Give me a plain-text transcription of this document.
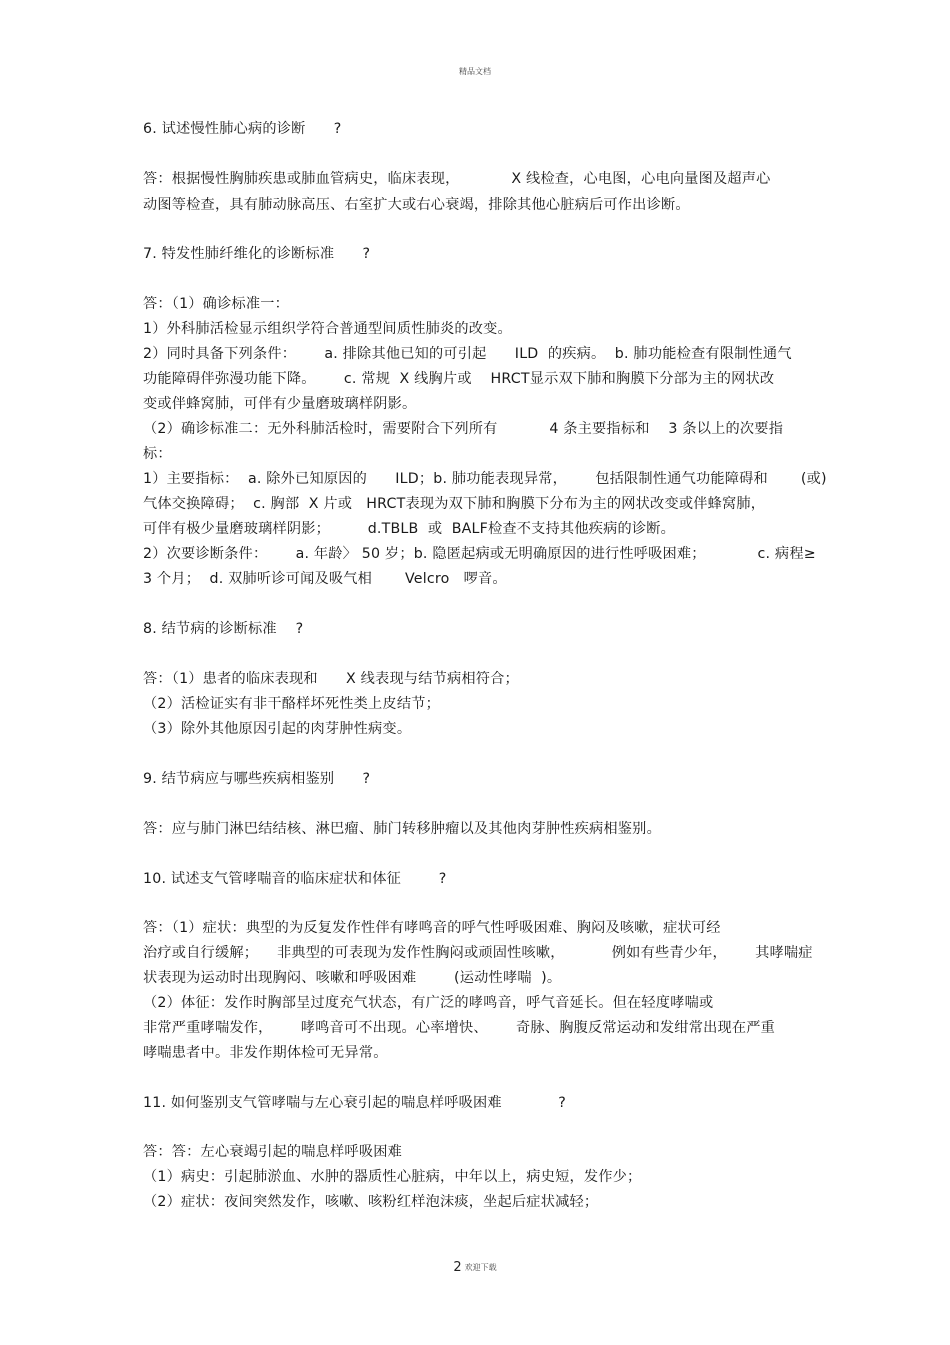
精品文档
6. 试述慢性肺心病的诊断      ?
答：根据慢性胸肺疾患或肺血管病史，临床表现，           X 线检查，心电图，心电向量图及超声心
动图等检查，具有肺动脉高压、右室扩大或右心衰竭，排除其他心脏病后可作出诊断。
7. 特发性肺纤维化的诊断标准      ?
答：（1）确诊标准一：
1）外科肺活检显示组织学符合普通型间质性肺炎的改变。
2）同时具备下列条件：      a. 排除其他已知的可引起      ILD  的疾病。  b. 肺功能检查有限制性通气
功能障碍伴弥漫功能下降。      c. 常规  X 线胸片或    HRCT显示双下肺和胸膜下分部为主的网状改
变或伴蜂窝肺，可伴有少量磨玻璃样阴影。
（2）确诊标准二：无外科肺活检时，需要附合下列所有           4 条主要指标和    3 条以上的次要指
标：
1）主要指标：  a. 除外已知原因的      ILD；b. 肺功能表现异常，      包括限制性通气功能障碍和       (或)
气体交换障碍；  c. 胸部  X 片或   HRCT表现为双下肺和胸膜下分布为主的网状改变或伴蜂窝肺，
可伴有极少量磨玻璃样阴影；        d.TBLB  或  BALF检查不支持其他疾病的诊断。
2）次要诊断条件：      a. 年龄〉 50 岁；b. 隐匿起病或无明确原因的进行性呼吸困难；           c. 病程≥
3 个月；  d. 双肺听诊可闻及吸气相       Velcro   啰音。
8. 结节病的诊断标准    ?
答：（1）患者的临床表现和      X 线表现与结节病相符合；
（2）活检证实有非干酪样坏死性类上皮结节；
（3）除外其他原因引起的肉芽肿性病变。
9. 结节病应与哪些疾病相鉴别      ?
答：应与肺门淋巴结结核、淋巴瘤、肺门转移肿瘤以及其他肉芽肿性疾病相鉴别。
10. 试述支气管哮喘音的临床症状和体征        ?
答：（1）症状：典型的为反复发作性伴有哮鸣音的呼气性呼吸困难、胸闷及咳嗽，症状可经
治疗或自行缓解；    非典型的可表现为发作性胸闷或顽固性咳嗽，          例如有些青少年，      其哮喘症
状表现为运动时出现胸闷、咳嗽和呼吸困难        (运动性哮喘  )。
（2）体征：发作时胸部呈过度充气状态，有广泛的哮鸣音，呼气音延长。但在轻度哮喘或
非常严重哮喘发作，      哮鸣音可不出现。心率增快、      奇脉、胸腹反常运动和发绀常出现在严重
哮喘患者中。非发作期体检可无异常。
11. 如何鉴别支气管哮喘与左心衰引起的喘息样呼吸困难            ?
答：答：左心衰竭引起的喘息样呼吸困难
（1）病史：引起肺淤血、水肿的器质性心脏病，中年以上，病史短，发作少；
（2）症状：夜间突然发作，咳嗽、咳粉红样泡沫痰，坐起后症状减轻；
2 欢迎下载
